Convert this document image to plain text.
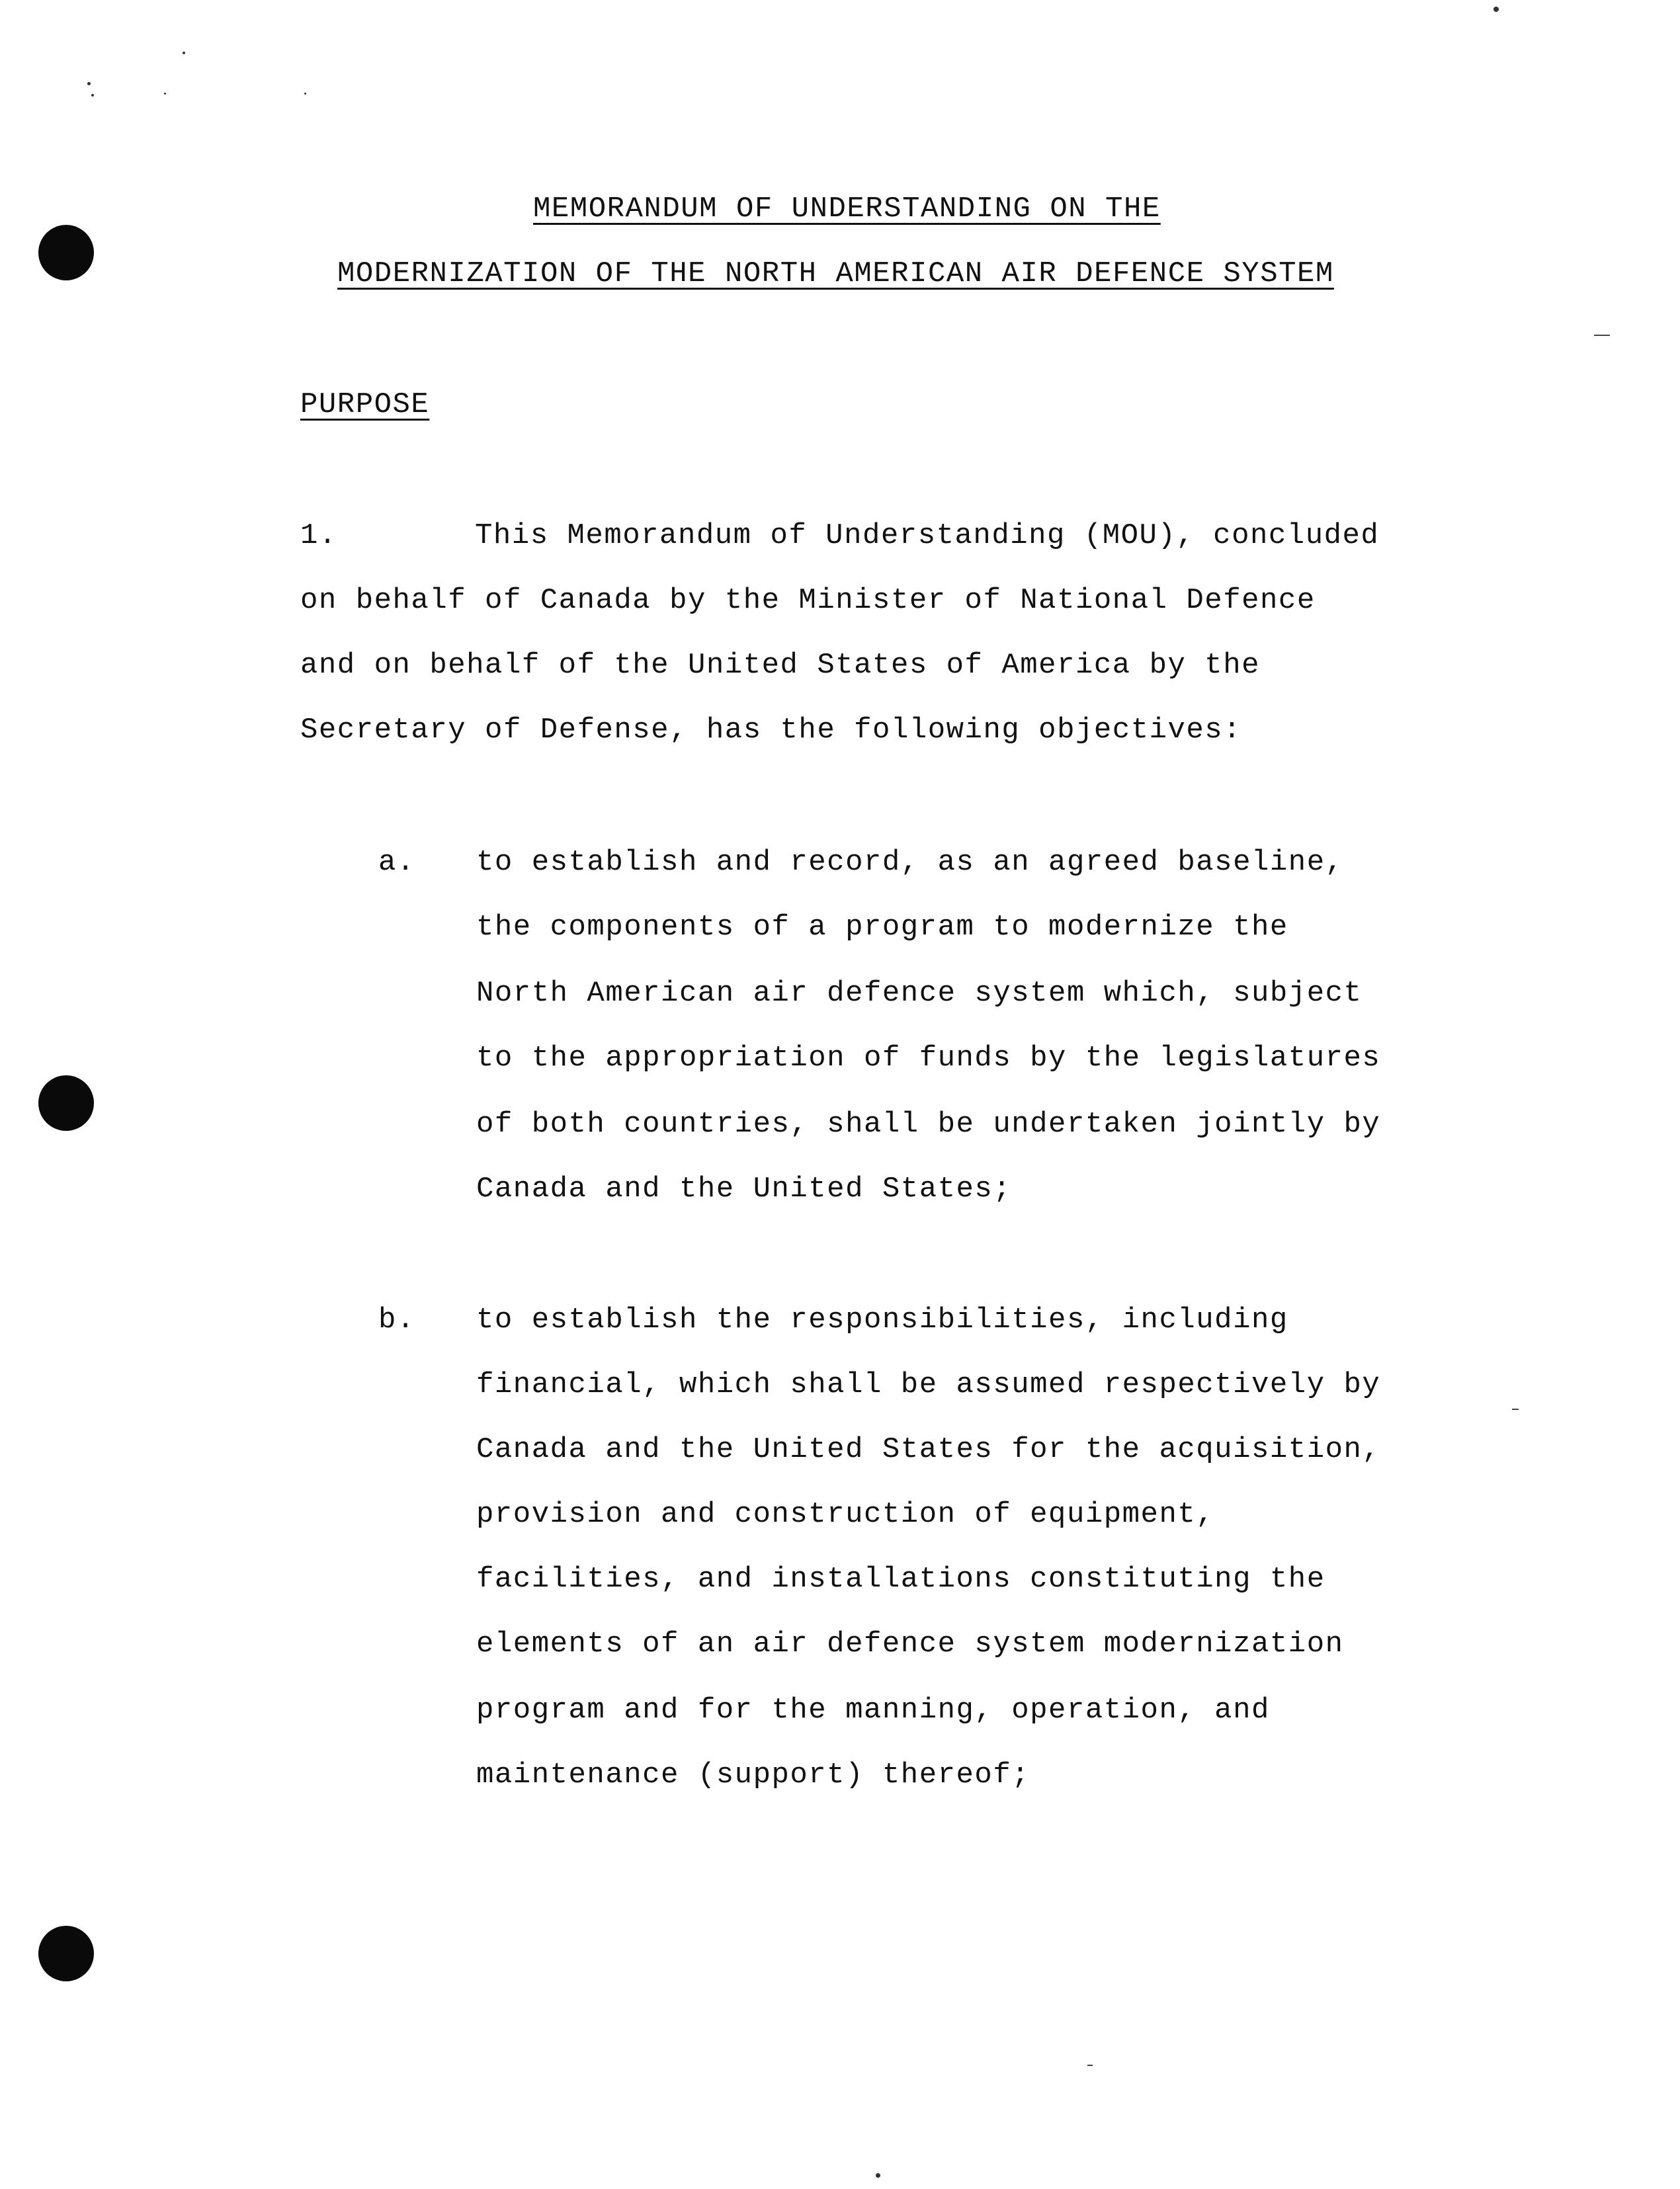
MEMORANDUM OF UNDERSTANDING ON THE
MODERNIZATION OF THE NORTH AMERICAN AIR DEFENCE SYSTEM
PURPOSE
1.	This Memorandum of Understanding (MOU), concluded
on behalf of Canada by the Minister of National Defence
and on behalf of the United States of America by the
Secretary of Defense, has the following objectives:
a. to establish and record, as an agreed baseline,
the components of a program to modernize the
North American air defence system which, subject
to the appropriation of funds by the legislatures
of both countries, shall be undertaken jointly by
Canada and the United States;
b. to establish the responsibilities, including
financial, which shall be assumed respectively by
Canada and the United States for the acquisition,
provision and construction of equipment,
facilities, and installations constituting the
elements of an air defence system modernization
program and for the manning, operation, and
maintenance (support) thereof;
